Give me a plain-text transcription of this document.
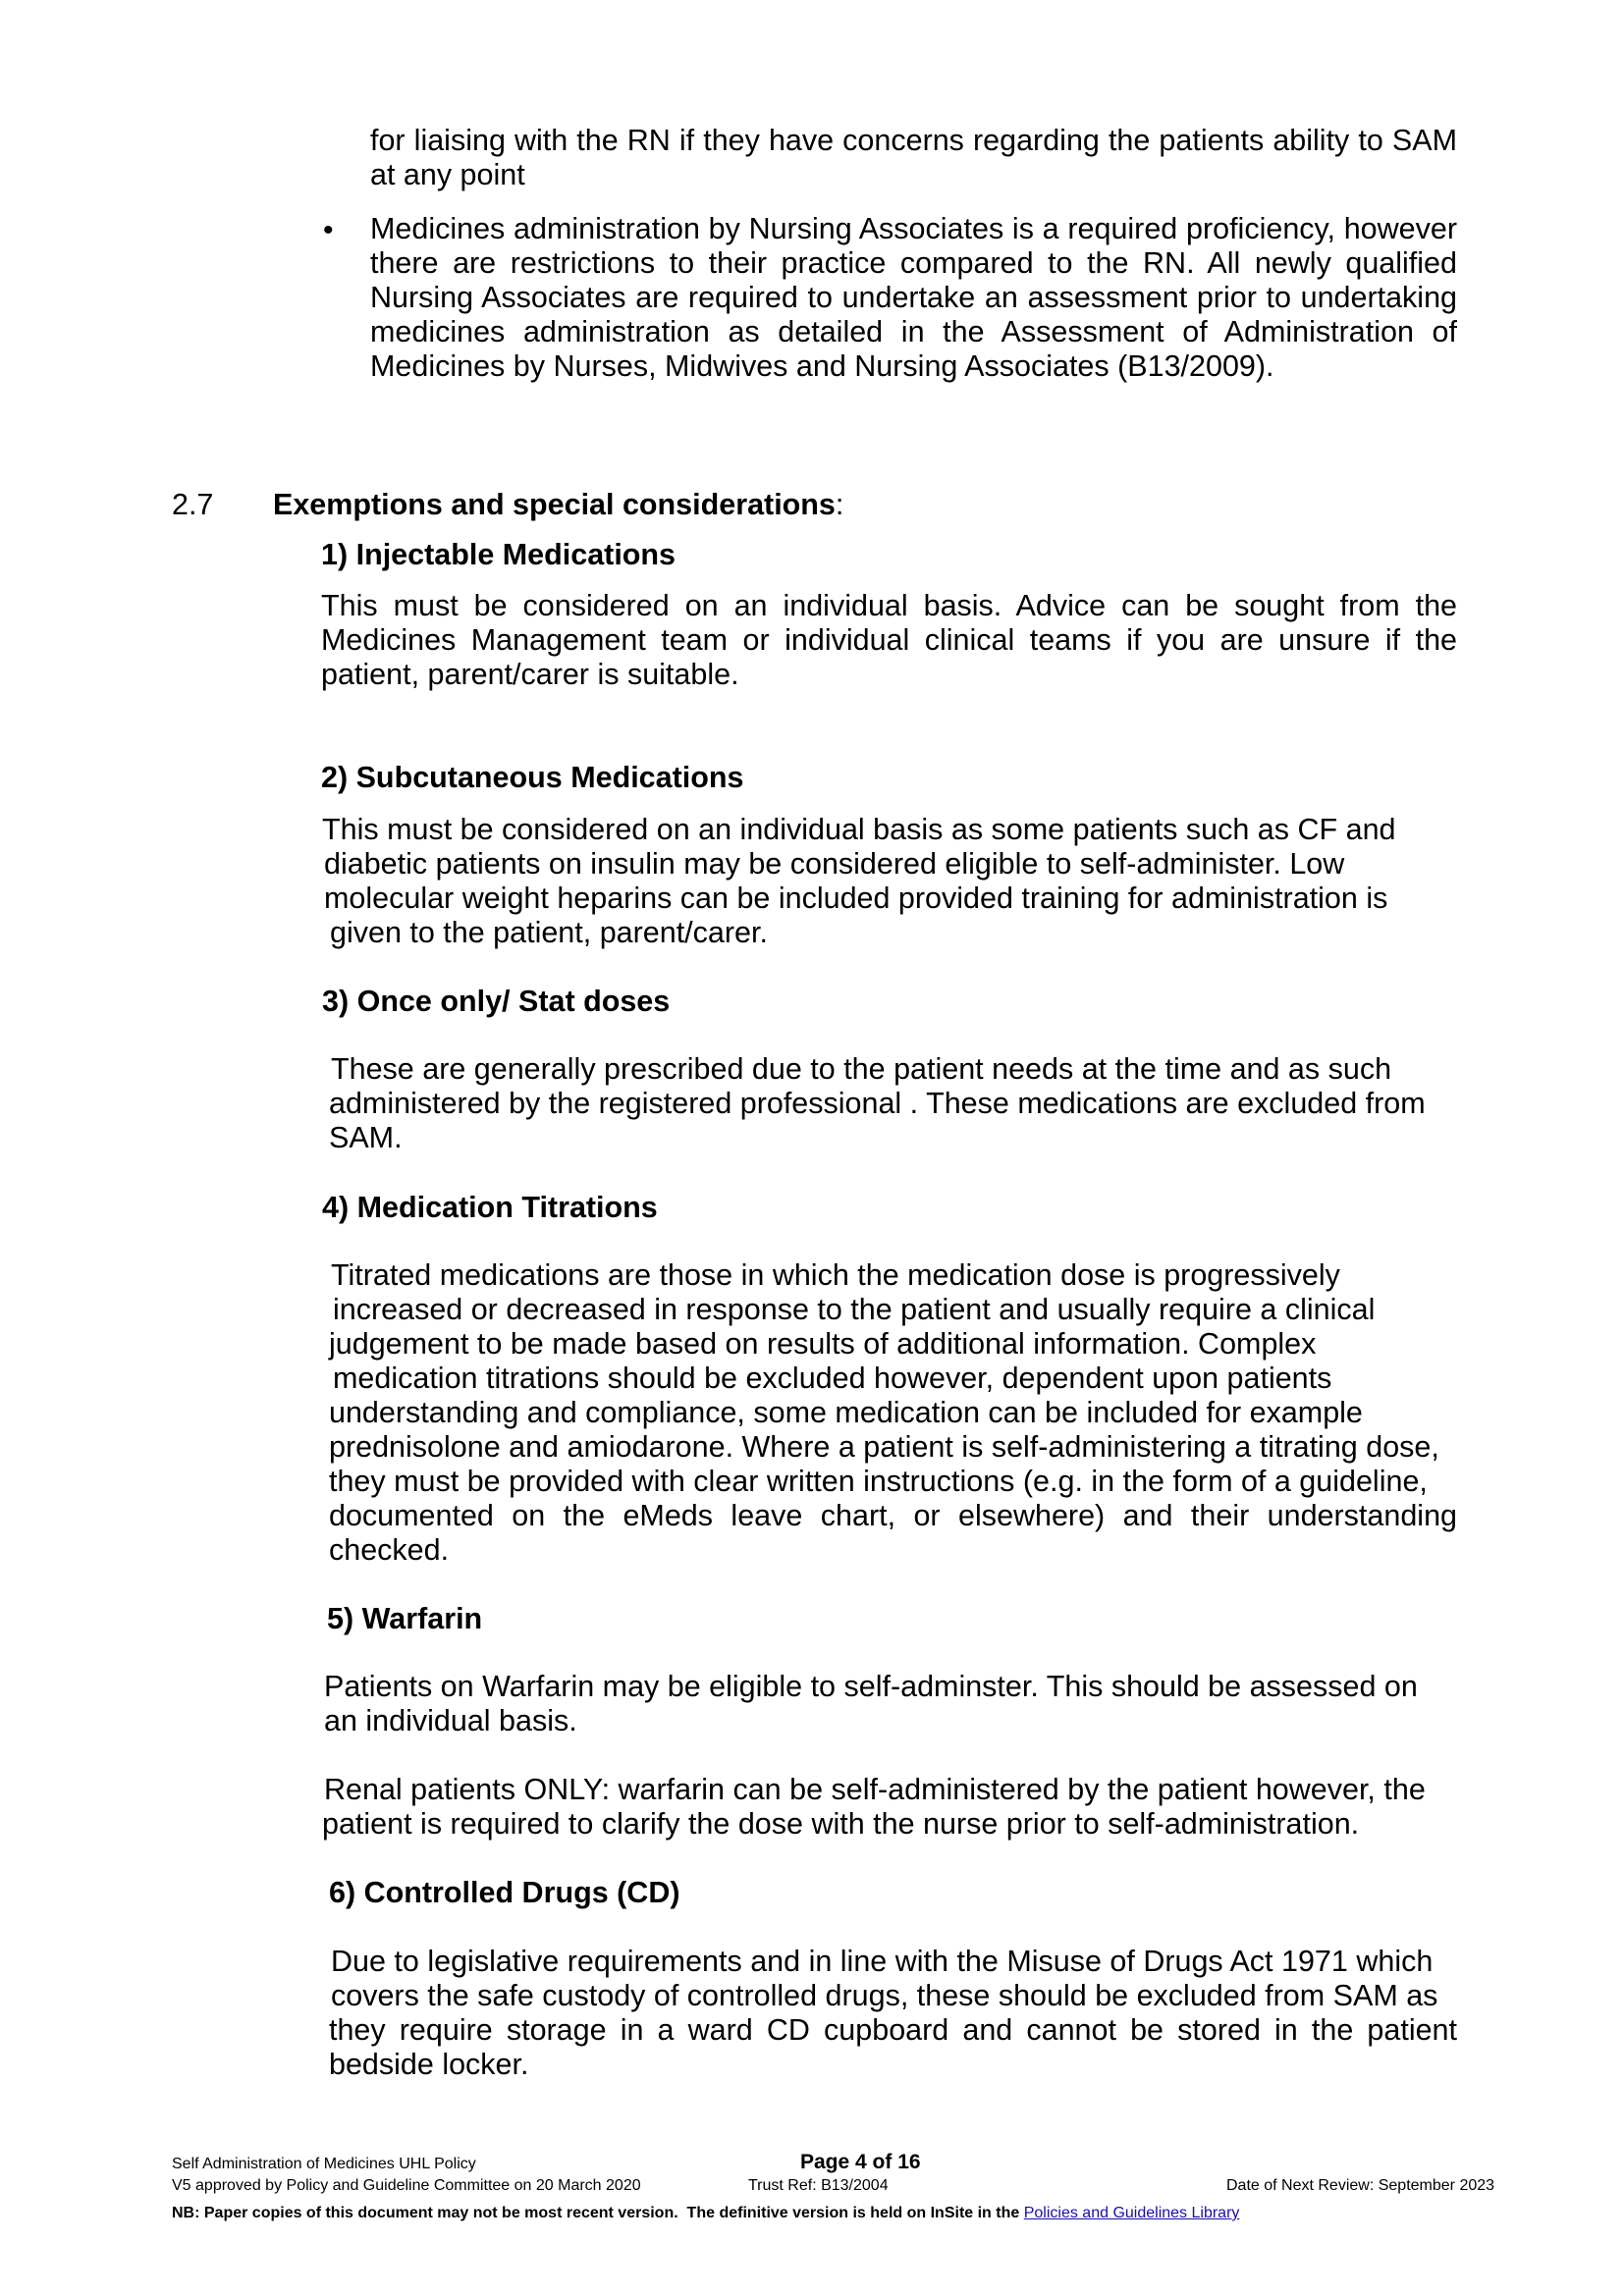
for liaising with the RN if they have concerns regarding the patients ability to SAM at any point

• Medicines administration by Nursing Associates is a required proficiency, however there are restrictions to their practice compared to the RN. All newly qualified Nursing Associates are required to undertake an assessment prior to undertaking medicines administration as detailed in the Assessment of Administration of Medicines by Nurses, Midwives and Nursing Associates (B13/2009).

2.7 Exemptions and special considerations:

1) Injectable Medications

This must be considered on an individual basis. Advice can be sought from the Medicines Management team or individual clinical teams if you are unsure if the patient, parent/carer is suitable.

2) Subcutaneous Medications

This must be considered on an individual basis as some patients such as CF and

diabetic patients on insulin may be considered eligible to self-administer. Low

molecular weight heparins can be included provided training for administration is

given to the patient, parent/carer.

3) Once only/ Stat doses

These are generally prescribed due to the patient needs at the time and as such

administered by the registered professional . These medications are excluded from

SAM.

4) Medication Titrations

Titrated medications are those in which the medication dose is progressively

increased or decreased in response to the patient and usually require a clinical

judgement to be made based on results of additional information. Complex

medication titrations should be excluded however, dependent upon patients

understanding and compliance, some medication can be included for example

prednisolone and amiodarone. Where a patient is self-administering a titrating dose,

they must be provided with clear written instructions (e.g. in the form of a guideline,

documented on the eMeds leave chart, or elsewhere) and their understanding

checked.

5) Warfarin

Patients on Warfarin may be eligible to self-adminster. This should be assessed on

an individual basis.

Renal patients ONLY: warfarin can be self-administered by the patient however, the

patient is required to clarify the dose with the nurse prior to self-administration.

6) Controlled Drugs (CD)

Due to legislative requirements and in line with the Misuse of Drugs Act 1971 which

covers the safe custody of controlled drugs, these should be excluded from SAM as

they require storage in a ward CD cupboard and cannot be stored in the patient

bedside locker.

Self Administration of Medicines UHL Policy	Page 4 of 16
V5 approved by Policy and Guideline Committee on 20 March 2020	Trust Ref: B13/2004	Date of Next Review: September 2023
NB: Paper copies of this document may not be most recent version.  The definitive version is held on InSite in the Policies and Guidelines Library
